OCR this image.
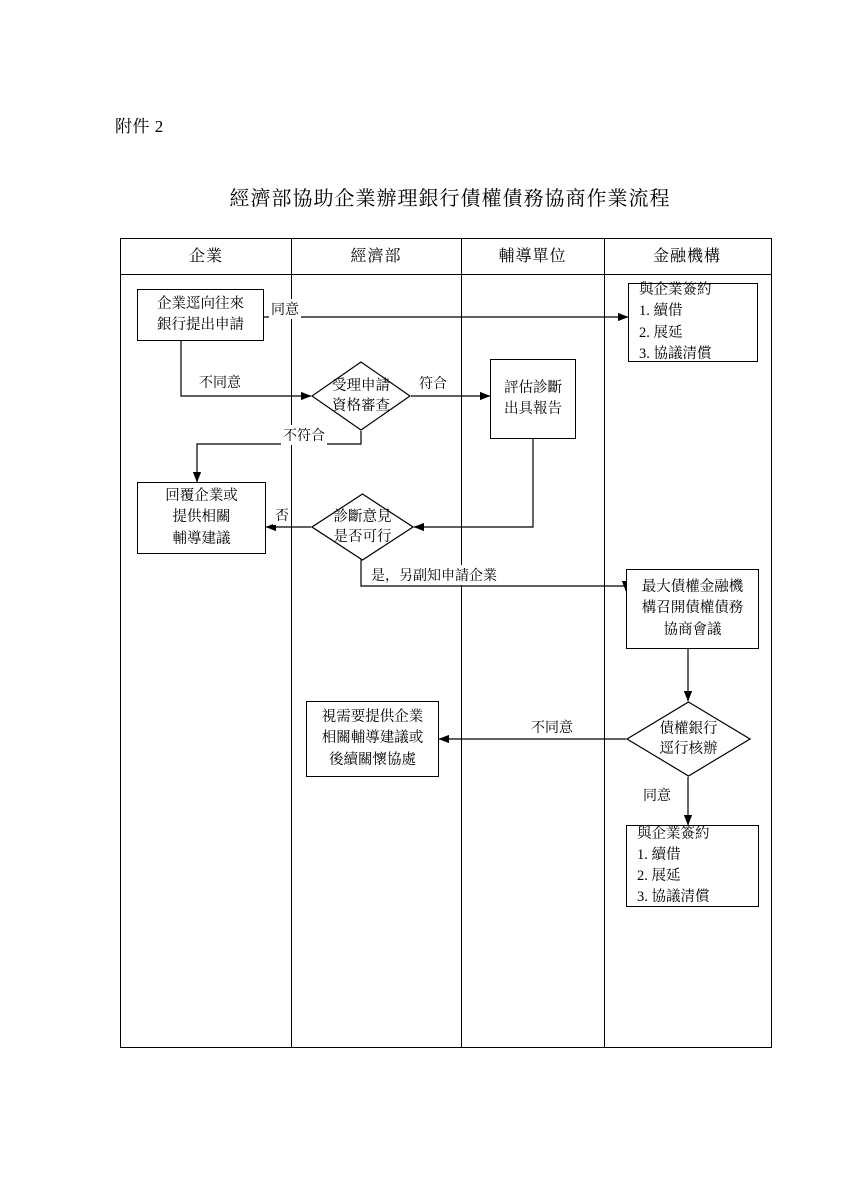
附件 2
經濟部協助企業辦理銀行債權債務協商作業流程
企業	經濟部	輔導單位	金融機構
企業逕向往來
銀行提出申請
與企業簽約
1. 續借
2. 展延
3. 協議清償
受理申請
資格審查
評估診斷
出具報告
診斷意見
是否可行
回覆企業或
提供相關
輔導建議
最大債權金融機
構召開債權債務
協商會議
債權銀行
逕行核辦
視需要提供企業
相關輔導建議或
後續關懷協處
與企業簽約
1. 續借
2. 展延
3. 協議清償
同意
不同意	符合
不符合
否
是，另副知申請企業
不同意
同意
